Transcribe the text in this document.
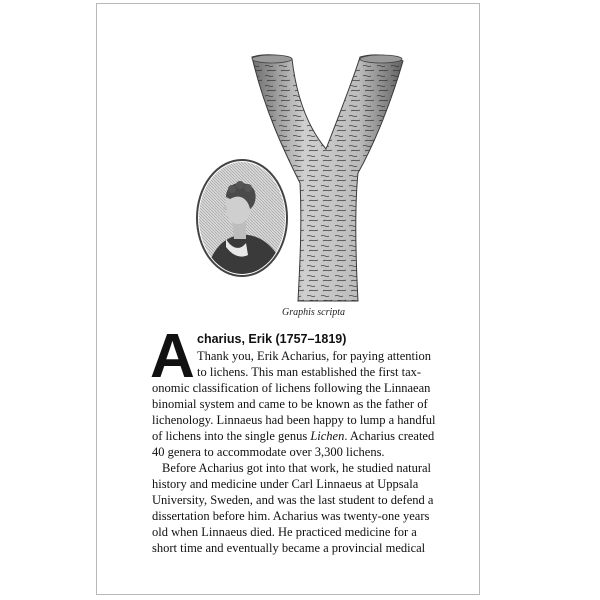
Graphis scripta
A charius, Erik (1757–1819)
Thank you, Erik Acharius, for paying attention
to lichens. This man established the first tax-
onomic classification of lichens following the Linnaean
binomial system and came to be known as the father of
lichenology. Linnaeus had been happy to lump a handful
of lichens into the single genus Lichen. Acharius created
40 genera to accommodate over 3,300 lichens.
Before Acharius got into that work, he studied natural
history and medicine under Carl Linnaeus at Uppsala
University, Sweden, and was the last student to defend a
dissertation before him. Acharius was twenty-one years
old when Linnaeus died. He practiced medicine for a
short time and eventually became a provincial medical
